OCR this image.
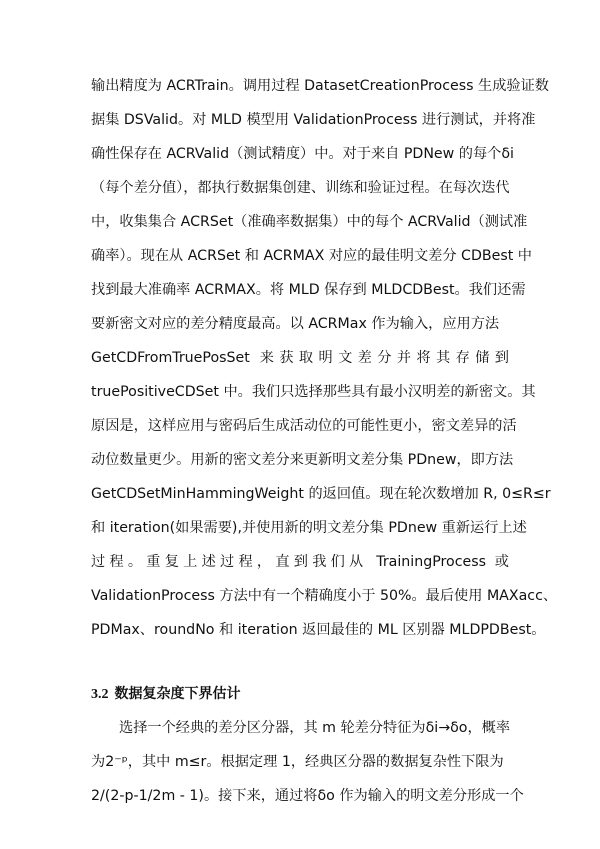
输出精度为 ACRTrain。调用过程 DatasetCreationProcess 生成验证数
据集 DSValid。对 MLD 模型用 ValidationProcess 进行测试，并将准
确性保存在 ACRValid（测试精度）中。对于来自 PDNew 的每个δi
（每个差分值），都执行数据集创建、训练和验证过程。在每次迭代
中，收集集合 ACRSet（准确率数据集）中的每个 ACRValid（测试准
确率）。现在从 ACRSet 和 ACRMAX 对应的最佳明文差分 CDBest 中
找到最大准确率 ACRMAX。将 MLD 保存到 MLDCDBest。我们还需
要新密文对应的差分精度最高。以 ACRMax 作为输入，应用方法
GetCDFromTruePosSet 来获取明文差分并将其存储到
truePositiveCDSet 中。我们只选择那些具有最小汉明差的新密文。其
原因是，这样应用与密码后生成活动位的可能性更小，密文差异的活
动位数量更少。用新的密文差分来更新明文差分集 PDnew，即方法
GetCDSetMinHammingWeight 的返回值。现在轮次数增加 R, 0≤R≤r
和 iteration(如果需要),并使用新的明文差分集 PDnew 重新运行上述
过程。重复上述过程，直到我们从 TrainingProcess 或
ValidationProcess 方法中有一个精确度小于 50%。最后使用 MAXacc、
PDMax、roundNo 和 iteration 返回最佳的 ML 区别器 MLDPDBest。
3.2 数据复杂度下界估计
选择一个经典的差分区分器，其 m 轮差分特征为δi→δo，概率
为2⁻ᵖ，其中 m≤r。根据定理 1，经典区分器的数据复杂性下限为
2/(2-p-1/2m - 1)。接下来，通过将δo 作为输入的明文差分形成一个
